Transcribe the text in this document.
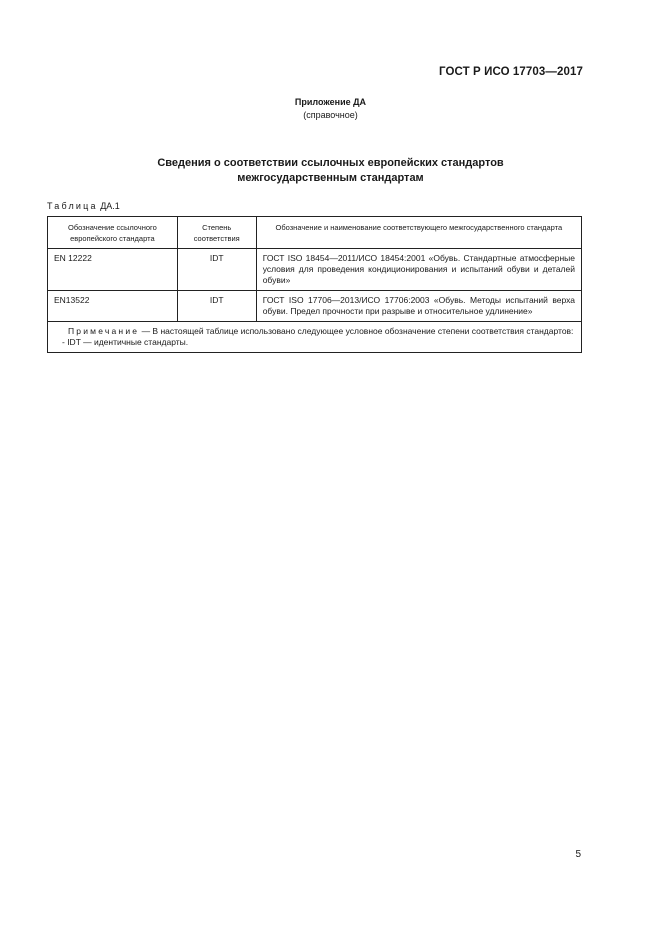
ГОСТ Р ИСО 17703—2017
Приложение ДА
(справочное)
Сведения о соответствии ссылочных европейских стандартов
межгосударственным стандартам
Таблица ДА.1
Обозначение ссылочного европейского стандарта	Степень соответствия	Обозначение и наименование соответствующего межгосударственного стандарта
EN 12222	IDT	ГОСТ ISO 18454—2011/ИСО 18454:2001 «Обувь. Стандартные атмосферные условия для проведения кондиционирования и испытаний обуви и деталей обуви»
EN13522	IDT	ГОСТ ISO 17706—2013/ИСО 17706:2003 «Обувь. Методы испытаний верха обуви. Предел прочности при разрыве и относительное удлинение»

Примечание — В настоящей таблице использовано следующее условное обозначение степени соответствия стандартов:
- IDT — идентичные стандарты.		
5
